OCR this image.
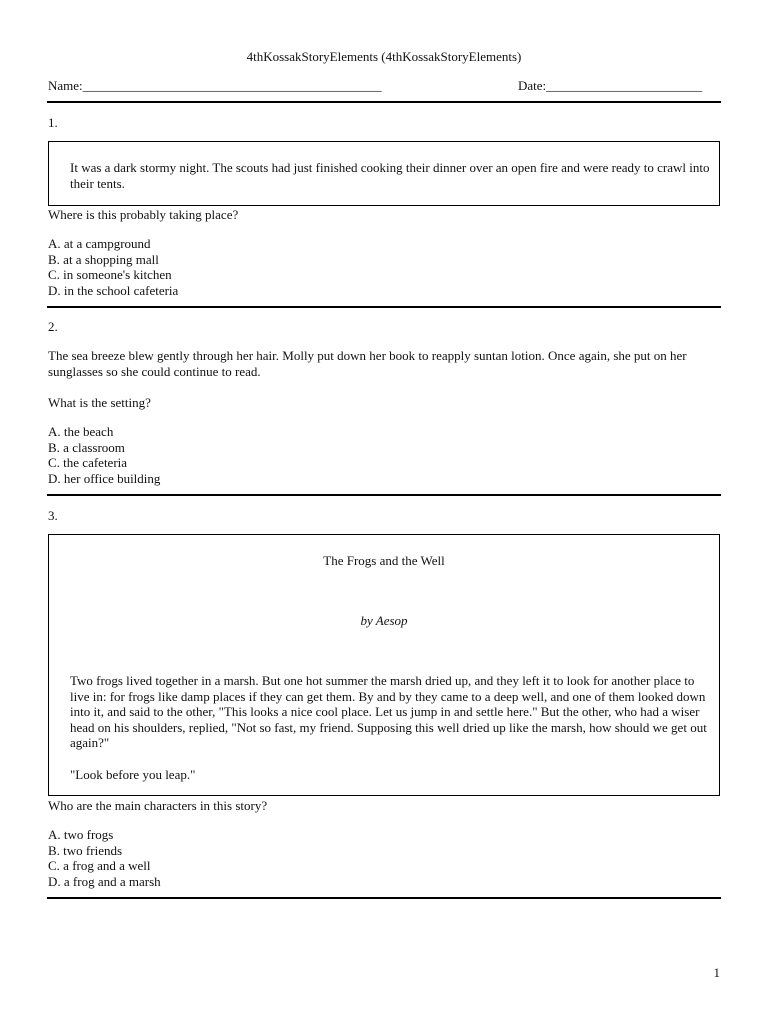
4thKossakStoryElements (4thKossakStoryElements)
Name:______________________________________________	Date:________________________
1.
It was a dark stormy night. The scouts had just finished cooking their dinner over an open fire and were ready to crawl into their tents.
Where is this probably taking place?
A. at a campground
B. at a shopping mall
C. in someone's kitchen
D. in the school cafeteria
2.
The sea breeze blew gently through her hair. Molly put down her book to reapply suntan lotion. Once again, she put on her sunglasses so she could continue to read.
What is the setting?
A. the beach
B. a classroom
C. the cafeteria
D. her office building
3.
The Frogs and the Well
by Aesop
Two frogs lived together in a marsh. But one hot summer the marsh dried up, and they left it to look for another place to live in: for frogs like damp places if they can get them. By and by they came to a deep well, and one of them looked down into it, and said to the other, "This looks a nice cool place. Let us jump in and settle here." But the other, who had a wiser head on his shoulders, replied, "Not so fast, my friend. Supposing this well dried up like the marsh, how should we get out again?"
"Look before you leap."
Who are the main characters in this story?
A. two frogs
B. two friends
C. a frog and a well
D. a frog and a marsh
1
